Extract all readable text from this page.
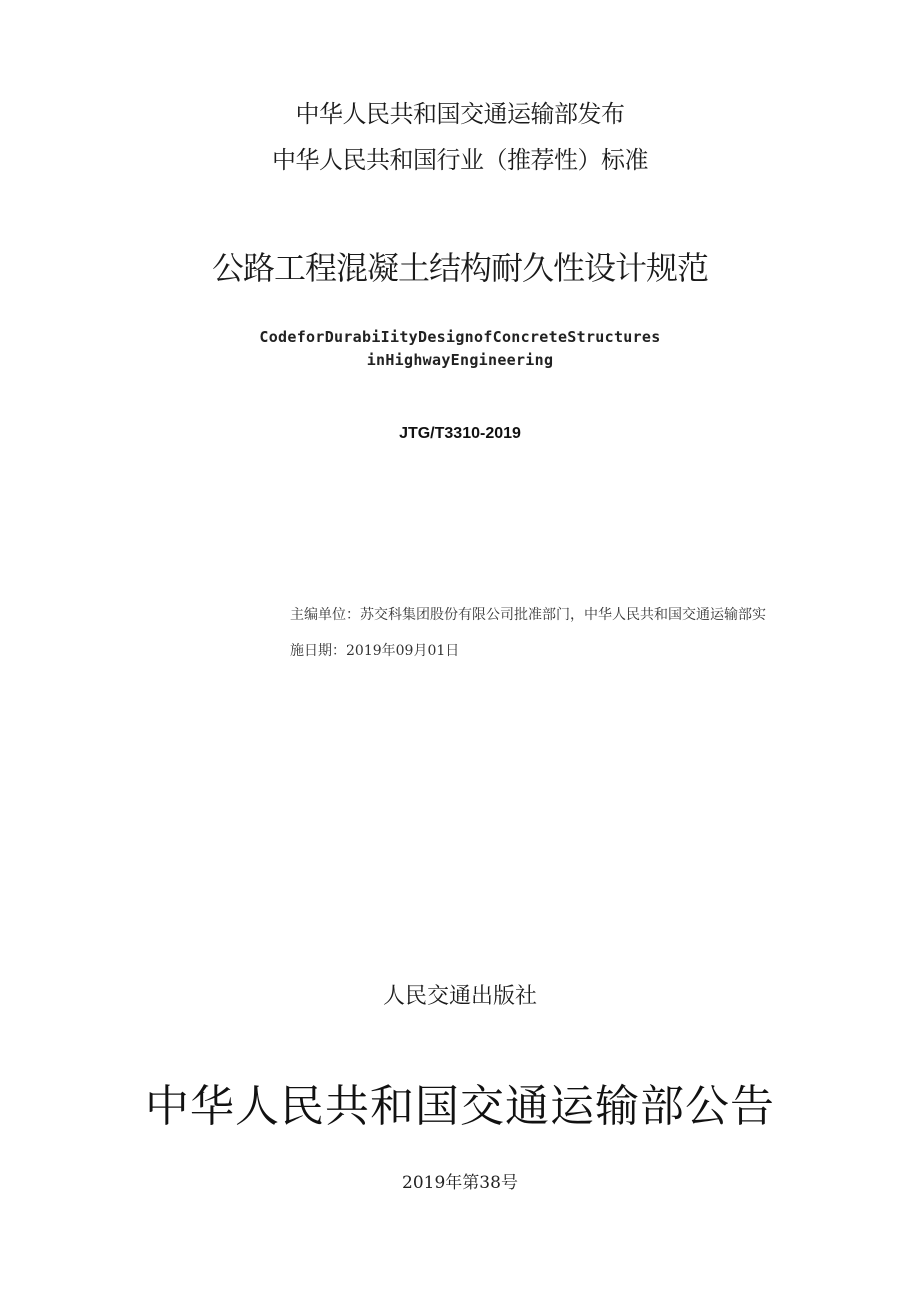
中华人民共和国交通运输部发布
中华人民共和国行业（推荐性）标准
公路工程混凝土结构耐久性设计规范
CodeforDurabiIityDesignofConcreteStructures
inHighwayEngineering
JTG/T3310-2019
主编单位：苏交科集团股份有限公司批准部门，中华人民共和国交通运输部实
施日期：2019年09月01日
人民交通出版社
中华人民共和国交通运输部公告
2019年第38号
